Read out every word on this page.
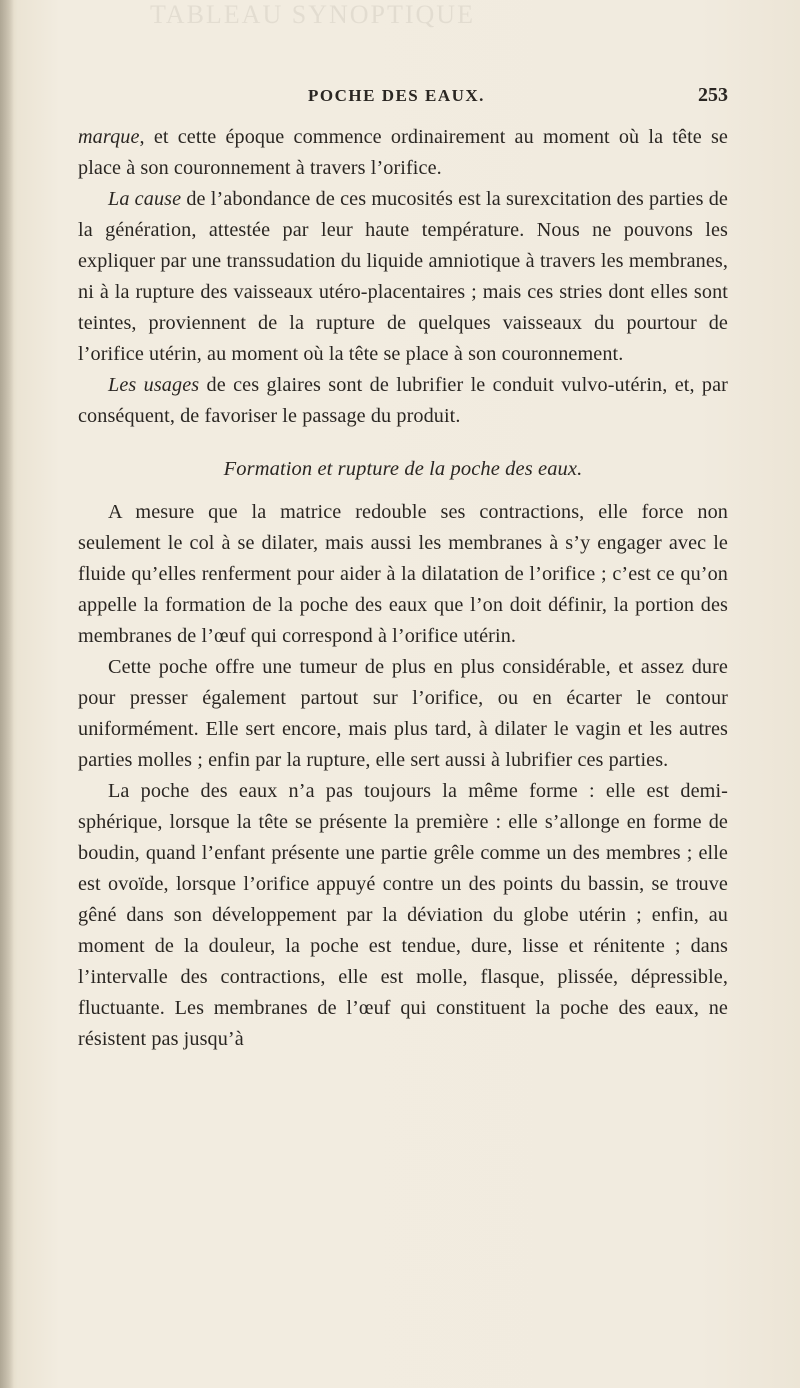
TABLEAU SYNOPTIQUE
POCHE DES EAUX.	253

marque, et cette époque commence ordinairement au moment où la tête se place à son couronnement à travers l’orifice.

La cause de l’abondance de ces mucosités est la surexcitation des parties de la génération, attestée par leur haute température. Nous ne pouvons les expliquer par une transsudation du liquide amniotique à travers les membranes, ni à la rupture des vaisseaux utéro-placentaires ; mais ces stries dont elles sont teintes, proviennent de la rupture de quelques vaisseaux du pourtour de l’orifice utérin, au moment où la tête se place à son couronnement.

Les usages de ces glaires sont de lubrifier le conduit vulvo-utérin, et, par conséquent, de favoriser le passage du produit.

Formation et rupture de la poche des eaux.

A mesure que la matrice redouble ses contractions, elle force non seulement le col à se dilater, mais aussi les membranes à s’y engager avec le fluide qu’elles renferment pour aider à la dilatation de l’orifice ; c’est ce qu’on appelle la formation de la poche des eaux que l’on doit définir, la portion des membranes de l’œuf qui correspond à l’orifice utérin.

Cette poche offre une tumeur de plus en plus considérable, et assez dure pour presser également partout sur l’orifice, ou en écarter le contour uniformément. Elle sert encore, mais plus tard, à dilater le vagin et les autres parties molles ; enfin par la rupture, elle sert aussi à lubrifier ces parties.

La poche des eaux n’a pas toujours la même forme : elle est demi-sphérique, lorsque la tête se présente la première : elle s’allonge en forme de boudin, quand l’enfant présente une partie grêle comme un des membres ; elle est ovoïde, lorsque l’orifice appuyé contre un des points du bassin, se trouve gêné dans son développement par la déviation du globe utérin ; enfin, au moment de la douleur, la poche est tendue, dure, lisse et rénitente ; dans l’intervalle des contractions, elle est molle, flasque, plissée, dépressible, fluctuante. Les membranes de l’œuf qui constituent la poche des eaux, ne résistent pas jusqu’à
